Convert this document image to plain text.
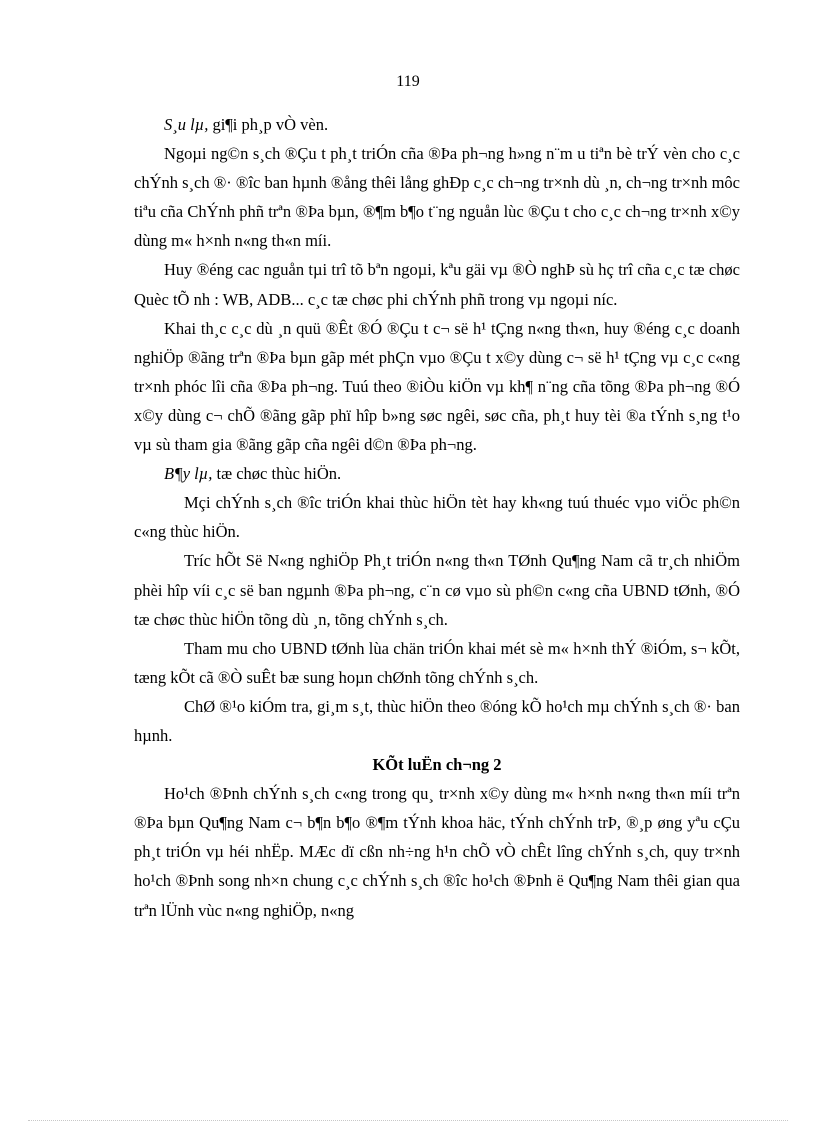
119

S¸u lµ, gi¶i ph¸p vÒ vèn.

Ngoµi ng©n s¸ch ®Çu t ph¸t triÓn cña ®Þa ph¬ng h»ng n¨m u tiªn bè trÝ vèn cho c¸c chÝnh s¸ch ®· ®îc ban hµnh ®ång thêi lång ghÐp c¸c ch¬ng tr×nh dù ¸n, ch¬ng tr×nh môc tiªu cña ChÝnh phñ trªn ®Þa bµn, ®¶m b¶o t¨ng nguån lùc ®Çu t cho c¸c ch¬ng tr×nh x©y dùng m« h×nh n«ng th«n míi.

Huy ®éng cac nguån tµi trî tõ bªn ngoµi, kªu gäi vµ ®Ò nghÞ sù hç trî cña c¸c tæ chøc Quèc tÕ nh : WB, ADB... c¸c tæ chøc phi chÝnh phñ trong vµ ngoµi níc.

Khai th¸c c¸c dù ¸n quü ®Êt ®Ó ®Çu t c¬ së h¹ tÇng n«ng th«n, huy ®éng c¸c doanh nghiÖp ®ãng trªn ®Þa bµn gãp mét phÇn vµo ®Çu t x©y dùng c¬ së h¹ tÇng vµ c¸c c«ng tr×nh phóc lîi cña ®Þa ph¬ng. Tuú theo ®iÒu kiÖn vµ kh¶ n¨ng cña tõng ®Þa ph¬ng ®Ó x©y dùng c¬ chÕ ®ãng gãp phï hîp b»ng søc ngêi, søc cña, ph¸t huy tèi ®a tÝnh s¸ng t¹o vµ sù tham gia ®ãng gãp cña ngêi d©n ®Þa ph¬ng.

B¶y lµ, tæ chøc thùc hiÖn.

Mçi chÝnh s¸ch ®îc triÓn khai thùc hiÖn tèt hay kh«ng tuú thuéc vµo viÖc ph©n c«ng thùc hiÖn.

Tríc hÕt Së N«ng nghiÖp Ph¸t triÓn n«ng th«n TØnh Qu¶ng Nam cã tr¸ch nhiÖm phèi hîp víi c¸c së ban ngµnh ®Þa ph¬ng, c¨n cø vµo sù ph©n c«ng cña UBND tØnh, ®Ó tæ chøc thùc hiÖn tõng dù ¸n, tõng chÝnh s¸ch.

Tham mu cho UBND tØnh lùa chän triÓn khai mét sè m« h×nh thÝ ®iÓm, s¬ kÕt, tæng kÕt cã ®Ò suÊt bæ sung hoµn chØnh tõng chÝnh s¸ch.

ChØ ®¹o kiÓm tra, gi¸m s¸t, thùc hiÖn theo ®óng kÕ ho¹ch mµ chÝnh s¸ch ®· ban hµnh.

KÕt luËn ch¬ng 2

Ho¹ch ®Þnh chÝnh s¸ch c«ng trong qu¸ tr×nh x©y dùng m« h×nh n«ng th«n míi trªn ®Þa bµn Qu¶ng Nam c¬ b¶n b¶o ®¶m tÝnh khoa häc, tÝnh chÝnh trÞ, ®¸p øng yªu cÇu ph¸t triÓn vµ héi nhËp. MÆc dï cßn nh÷ng h¹n chÕ vÒ chÊt lîng chÝnh s¸ch, quy tr×nh ho¹ch ®Þnh song nh×n chung c¸c chÝnh s¸ch ®îc ho¹ch ®Þnh ë Qu¶ng Nam thêi gian qua trªn lÜnh vùc n«ng nghiÖp, n«ng
